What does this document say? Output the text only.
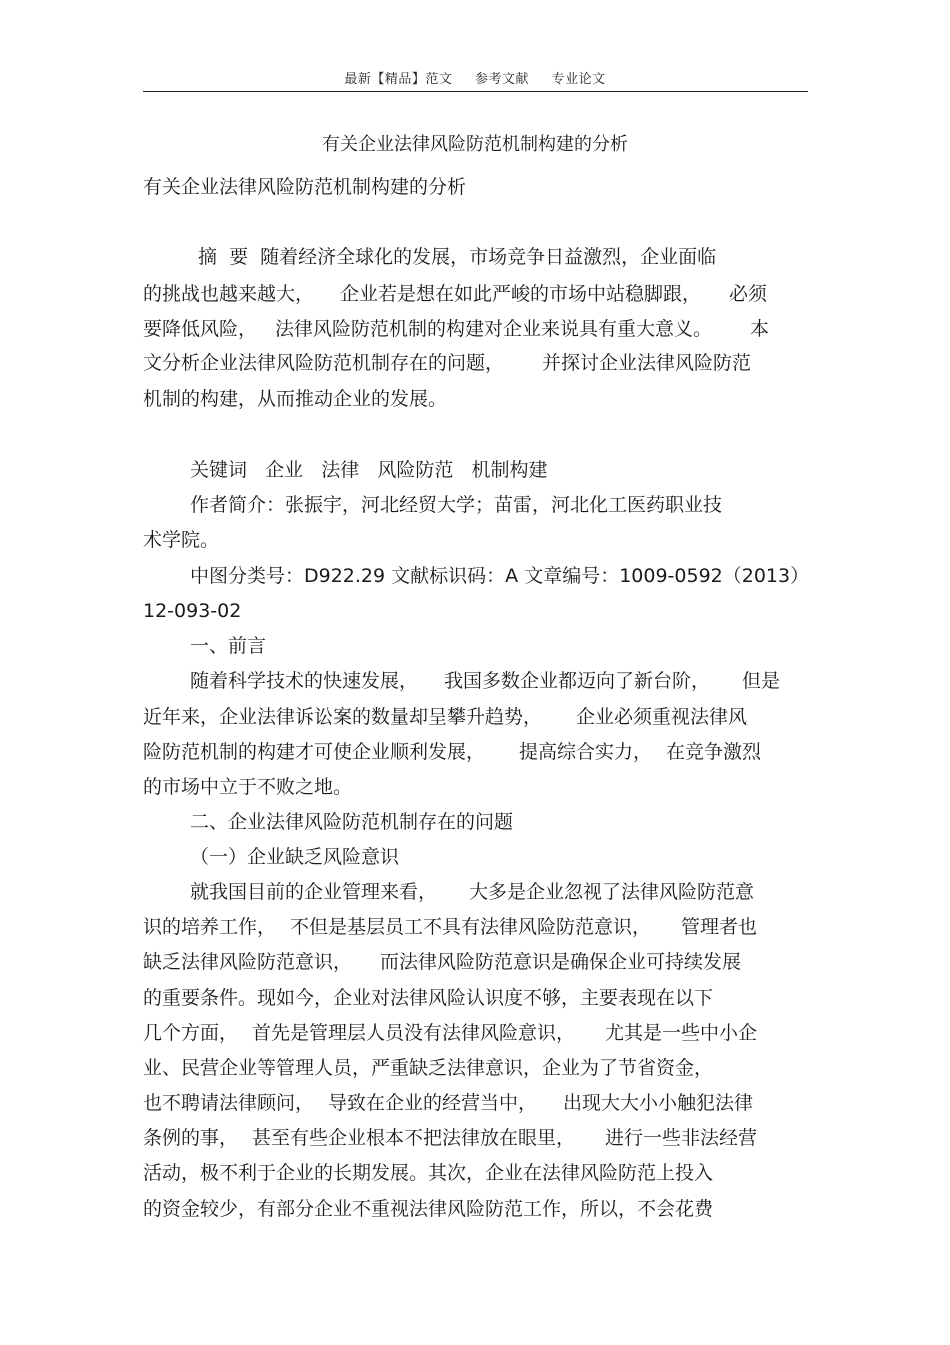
最新【精品】范文 参考文献 专业论文
有关企业法律风险防范机制构建的分析
有关企业法律风险防范机制构建的分析
摘  要  随着经济全球化的发展，市场竞争日益激烈，企业面临
的挑战也越来越大， 企业若是想在如此严峻的市场中站稳脚跟， 必须
要降低风险， 法律风险防范机制的构建对企业来说具有重大意义。 本
文分析企业法律风险防范机制存在的问题， 并探讨企业法律风险防范
机制的构建，从而推动企业的发展。
关键词   企业   法律   风险防范   机制构建
作者简介：张振宇，河北经贸大学；苗雷，河北化工医药职业技
术学院。
中图分类号：D922.29 文献标识码：A 文章编号：1009-0592（2013）
12-093-02
一、前言
随着科学技术的快速发展， 我国多数企业都迈向了新台阶， 但是
近年来，企业法律诉讼案的数量却呈攀升趋势， 企业必须重视法律风
险防范机制的构建才可使企业顺利发展， 提高综合实力， 在竞争激烈
的市场中立于不败之地。
二、企业法律风险防范机制存在的问题
（一）企业缺乏风险意识
就我国目前的企业管理来看， 大多是企业忽视了法律风险防范意
识的培养工作， 不但是基层员工不具有法律风险防范意识， 管理者也
缺乏法律风险防范意识， 而法律风险防范意识是确保企业可持续发展
的重要条件。现如今，企业对法律风险认识度不够，主要表现在以下
几个方面， 首先是管理层人员没有法律风险意识， 尤其是一些中小企
业、民营企业等管理人员，严重缺乏法律意识，企业为了节省资金，
也不聘请法律顾问， 导致在企业的经营当中， 出现大大小小触犯法律
条例的事， 甚至有些企业根本不把法律放在眼里， 进行一些非法经营
活动，极不利于企业的长期发展。其次，企业在法律风险防范上投入
的资金较少，有部分企业不重视法律风险防范工作，所以，不会花费
